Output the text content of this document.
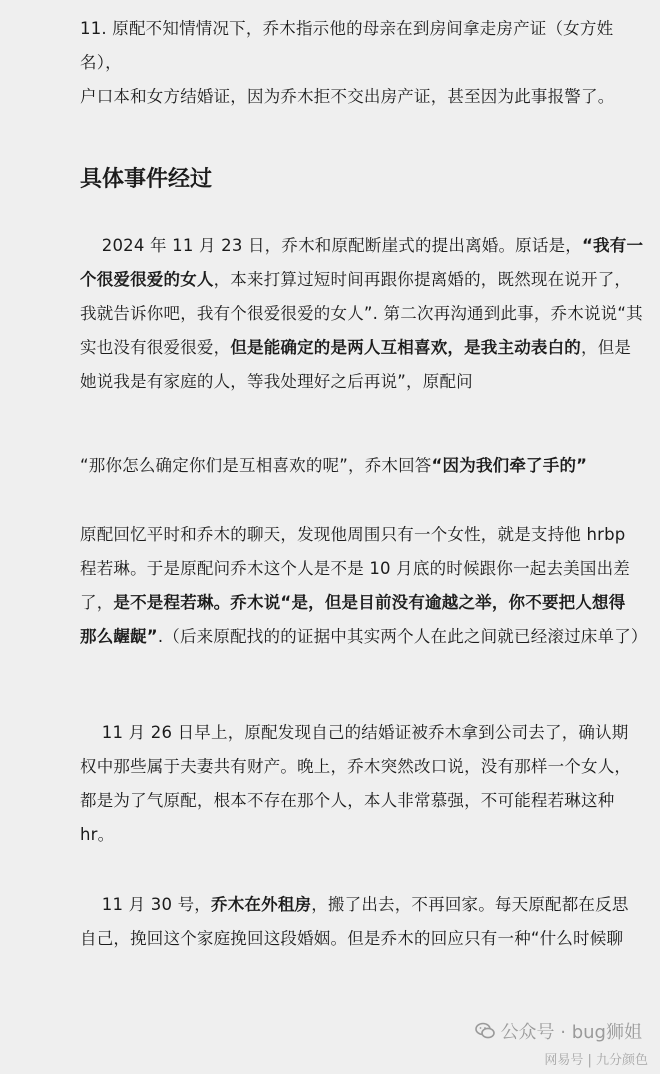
11. 原配不知情情况下，乔木指示他的母亲在到房间拿走房产证（女方姓名），
户口本和女方结婚证，因为乔木拒不交出房产证，甚至因为此事报警了。

具体事件经过

2024 年 11 月 23 日，乔木和原配断崖式的提出离婚。原话是，“我有一
个很爱很爱的女人，本来打算过短时间再跟你提离婚的，既然现在说开了，
我就告诉你吧，我有个很爱很爱的女人”. 第二次再沟通到此事，乔木说说“其
实也没有很爱很爱，但是能确定的是两人互相喜欢，是我主动表白的，但是
她说我是有家庭的人，等我处理好之后再说”，原配问

“那你怎么确定你们是互相喜欢的呢”，乔木回答“因为我们牵了手的”

原配回忆平时和乔木的聊天，发现他周围只有一个女性，就是支持他 hrbp
程若琳。于是原配问乔木这个人是不是 10 月底的时候跟你一起去美国出差
了，是不是程若琳。乔木说“是，但是目前没有逾越之举，你不要把人想得
那么龌龊”.（后来原配找的的证据中其实两个人在此之间就已经滚过床单了）

11 月 26 日早上，原配发现自己的结婚证被乔木拿到公司去了，确认期
权中那些属于夫妻共有财产。晚上，乔木突然改口说，没有那样一个女人，
都是为了气原配，根本不存在那个人，本人非常慕强，不可能程若琳这种
hr。

11 月 30 号，乔木在外租房，搬了出去，不再回家。每天原配都在反思
自己，挽回这个家庭挽回这段婚姻。但是乔木的回应只有一种“什么时候聊

公众号 · bug狮姐
网易号 | 九分颜色
